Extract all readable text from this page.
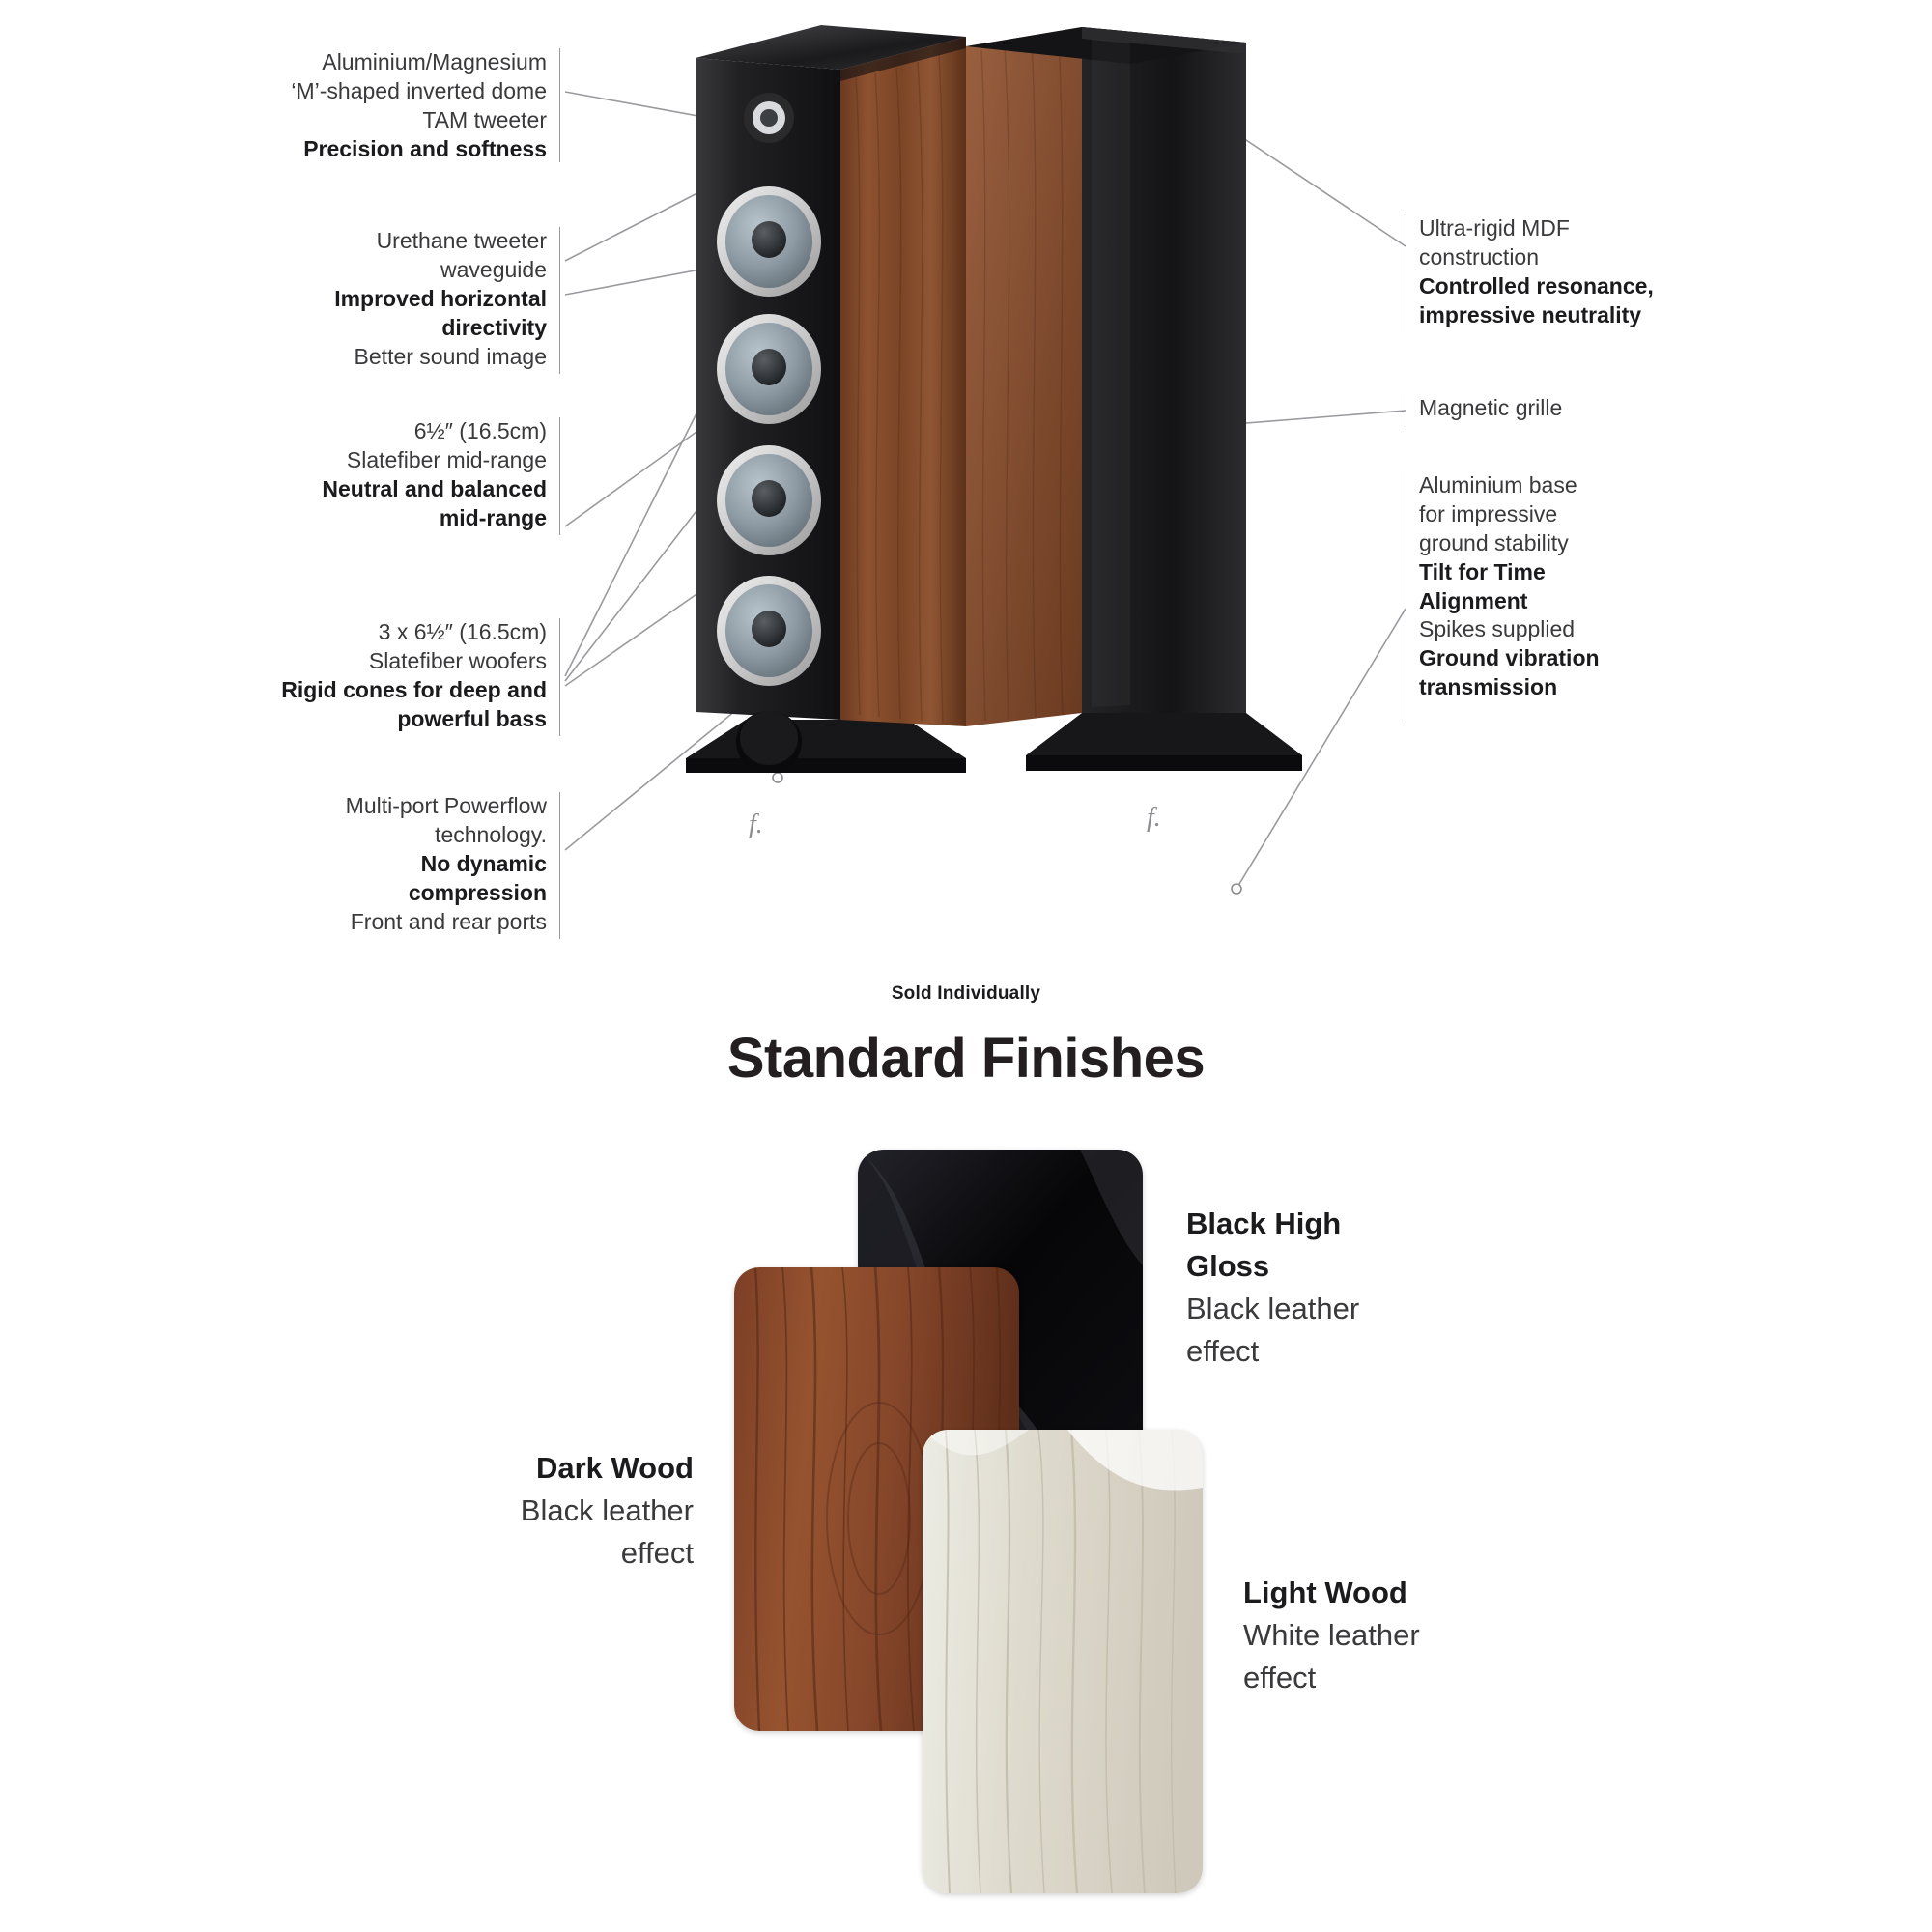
f.	f.
Aluminium/Magnesium
‘M’-shaped inverted dome
TAM tweeter
Precision and softness
Urethane tweeter
waveguide
Improved horizontal
directivity
Better sound image
6½″ (16.5cm)
Slatefiber mid-range
Neutral and balanced
mid-range
3 x 6½″ (16.5cm)
Slatefiber woofers
Rigid cones for deep and
powerful bass
Multi-port Powerflow
technology.
No dynamic
compression
Front and rear ports
Ultra-rigid MDF
construction
Controlled resonance,
impressive neutrality
Magnetic grille
Aluminium base
for impressive
ground stability
Tilt for Time
Alignment
Spikes supplied
Ground vibration
transmission
Sold Individually
Standard Finishes
Black High
Gloss
Black leather
effect
Dark Wood
Black leather
effect
Light Wood
White leather
effect
